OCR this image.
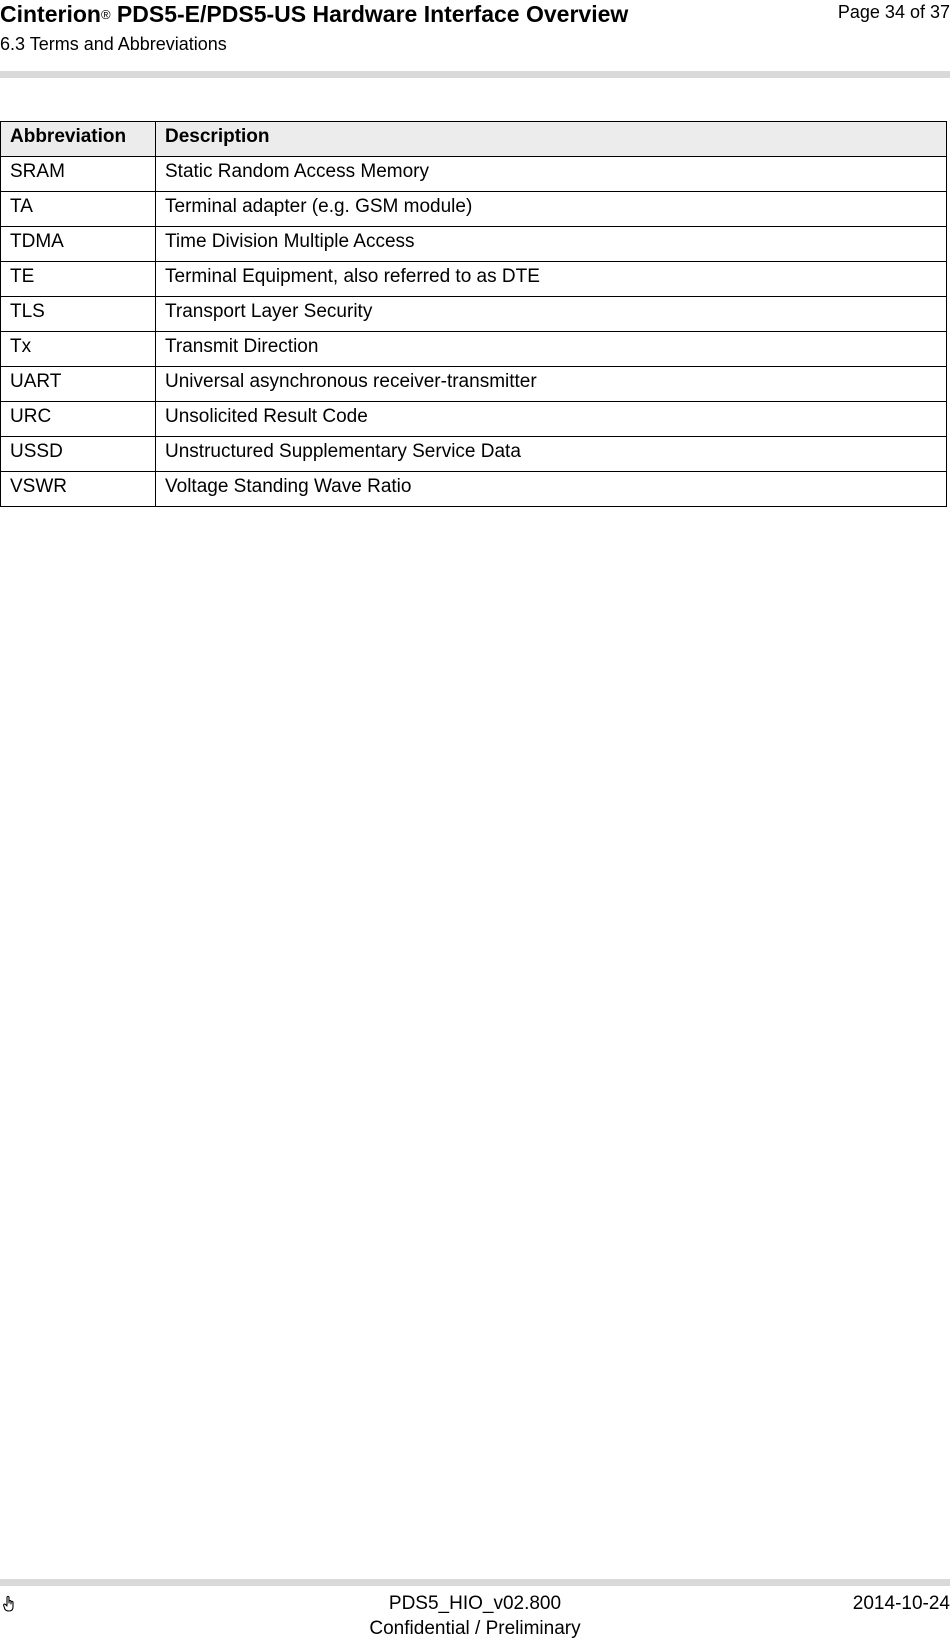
Cinterion® PDS5-E/PDS5-US Hardware Interface Overview
6.3 Terms and Abbreviations
Page 34 of 37
Abbreviation	Description
SRAM	Static Random Access Memory
TA	Terminal adapter (e.g. GSM module)
TDMA	Time Division Multiple Access
TE	Terminal Equipment, also referred to as DTE
TLS	Transport Layer Security
Tx	Transmit Direction
UART	Universal asynchronous receiver-transmitter
URC	Unsolicited Result Code
USSD	Unstructured Supplementary Service Data
VSWR	Voltage Standing Wave Ratio
PDS5_HIO_v02.800
Confidential / Preliminary
2014-10-24
